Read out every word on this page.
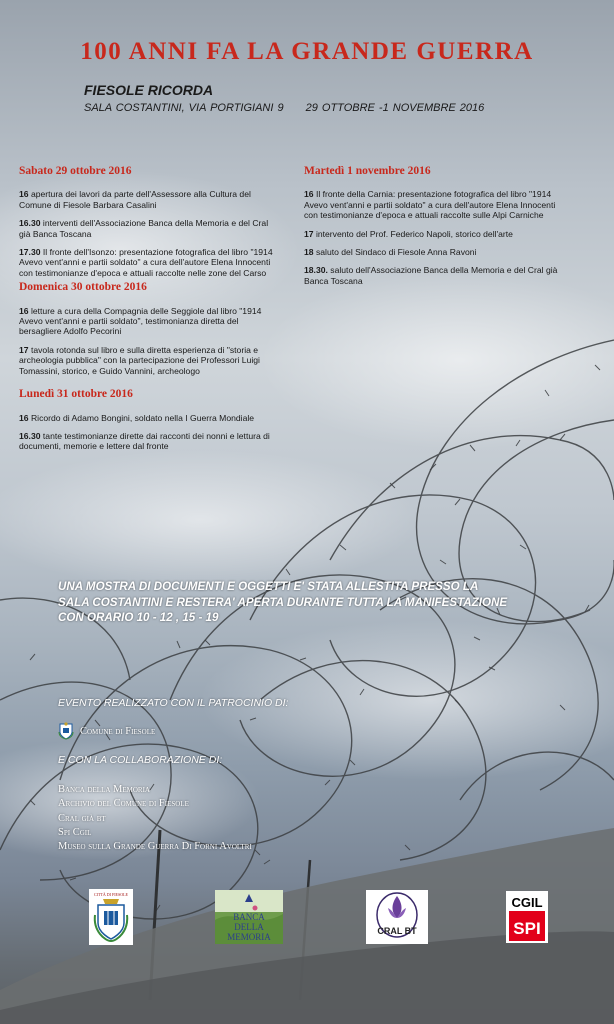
100 ANNI FA LA GRANDE GUERRA
FIESOLE RICORDA
SALA COSTANTINI, VIA PORTIGIANI 9 29 OTTOBRE -1 NOVEMBRE 2016
Sabato 29 ottobre 2016
16 apertura dei lavori da parte dell'Assessore alla Cultura del Comune di Fiesole Barbara Casalini
16.30 interventi dell'Associazione Banca della Memoria e del Cral già Banca Toscana
17.30 Il fronte dell'Isonzo: presentazione fotografica del libro "1914 Avevo vent'anni e partii soldato" a cura dell'autore Elena Innocenti con testimonianze d'epoca e attuali raccolte nelle zone del Carso
Domenica 30 ottobre 2016
16 letture a cura della Compagnia delle Seggiole dal libro "1914 Avevo vent'anni e partii soldato", testimonianza diretta del bersagliere Adolfo Pecorini
17 tavola rotonda sul libro e sulla diretta esperienza di "storia e archeologia pubblica" con la partecipazione dei Professori Luigi Tomassini, storico, e Guido Vannini, archeologo
Lunedì 31 ottobre 2016
16 Ricordo di Adamo Bongini, soldato nella I Guerra Mondiale
16.30 tante testimonianze dirette dai racconti dei nonni e lettura di documenti, memorie e lettere dal fronte
Martedì 1 novembre 2016
16 Il fronte della Carnia: presentazione fotografica del libro "1914 Avevo vent'anni e partii soldato" a cura dell'autore Elena Innocenti con testimonianze d'epoca e attuali raccolte sulle Alpi Carniche
17 intervento del Prof. Federico Napoli, storico dell'arte
18 saluto del Sindaco di Fiesole Anna Ravoni
18.30. saluto dell'Associazione Banca della Memoria e del Cral già Banca Toscana
UNA MOSTRA DI DOCUMENTI E OGGETTI E' STATA ALLESTITA PRESSO LA
SALA COSTANTINI E RESTERA' APERTA DURANTE TUTTA LA MANIFESTAZIONE
CON ORARIO 10 - 12 , 15 - 19
EVENTO REALIZZATO CON IL PATROCINIO DI:
Comune di Fiesole
E CON LA COLLABORAZIONE DI:
Banca della Memoria
Archivio del Comune di Fiesole
Cral già bt
Spi Cgil
Museo sulla Grande Guerra Di Forni Avoltri
CITTÀ DI FIESOLE
BANCA
DELLA
MEMORIA
CRAL BT
CGIL
SPI
